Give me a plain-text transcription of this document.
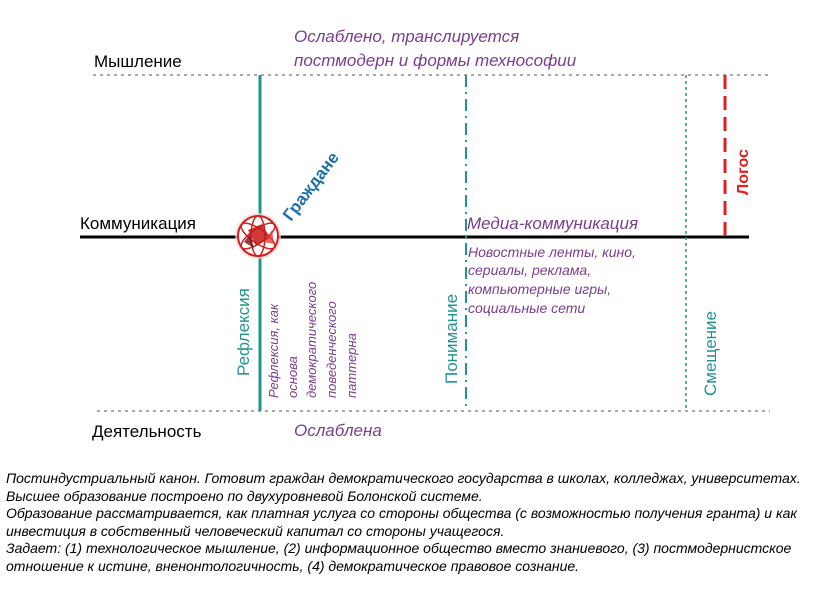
Мышление
Коммуникация
Деятельность
Ослаблено, транслируется
постмодерн и формы технософии
Ослаблена
Медиа-коммуникация
Новостные ленты, кино,
сериалы, реклама,
компьютерные игры,
социальные сети
Рефлексия Рефлексия, как основа демократического поведенческого паттерна	Понимание	Смещение
Логос
Граждане

Постиндустриальный канон. Готовит граждан демократического государства в школах, колледжах, университетах. Высшее образование построено по двухуровневой Болонской системе.

Образование рассматривается, как платная услуга со стороны общества (с возможностью получения гранта) и как инвестиция в собственный человеческий капитал со стороны учащегося.

Задает: (1) технологическое мышление, (2) информационное общество вместо знаниевого, (3) постмодернистское отношение к истине, вненонтологичность, (4) демократическое правовое сознание.
